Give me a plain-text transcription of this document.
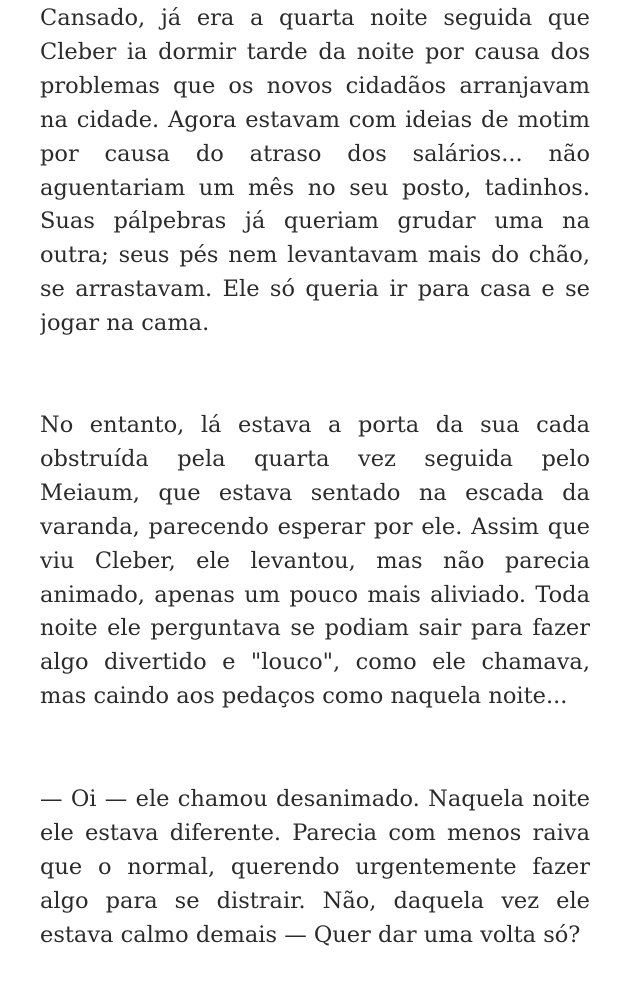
Cansado, já era a quarta noite seguida que Cleber ia dormir tarde da noite por causa dos problemas que os novos cidadãos arranjavam na cidade. Agora estavam com ideias de motim por causa do atraso dos salários... não aguentariam um mês no seu posto, tadinhos. Suas pálpebras já queriam grudar uma na outra; seus pés nem levantavam mais do chão, se arrastavam. Ele só queria ir para casa e se jogar na cama.

No entanto, lá estava a porta da sua cada obstruída pela quarta vez seguida pelo Meiaum, que estava sentado na escada da varanda, parecendo esperar por ele. Assim que viu Cleber, ele levantou, mas não parecia animado, apenas um pouco mais aliviado. Toda noite ele perguntava se podiam sair para fazer algo divertido e "louco", como ele chamava, mas caindo aos pedaços como naquela noite...

— Oi — ele chamou desanimado. Naquela noite ele estava diferente. Parecia com menos raiva que o normal, querendo urgentemente fazer algo para se distrair. Não, daquela vez ele estava calmo demais — Quer dar uma volta só?
